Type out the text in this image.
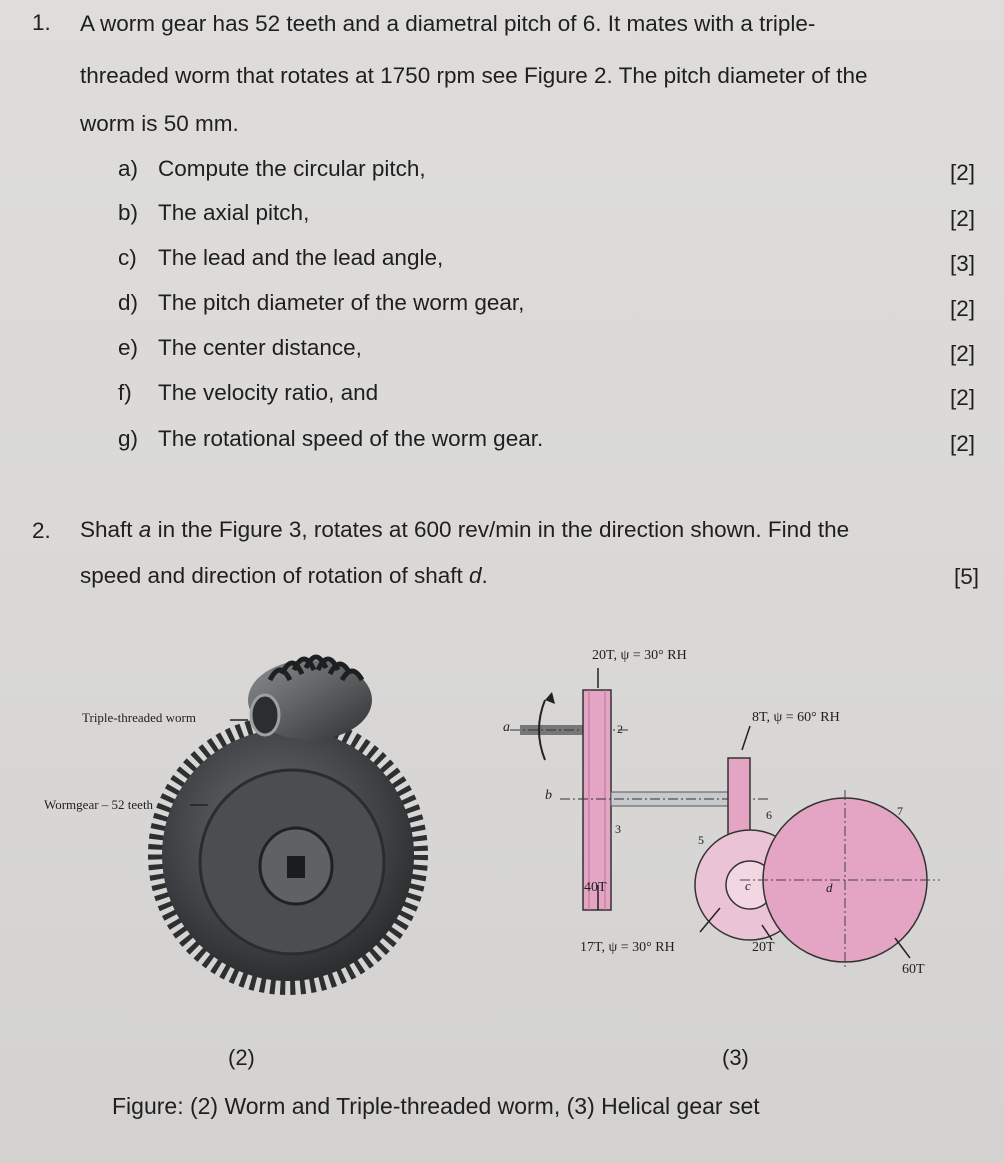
1. A worm gear has 52 teeth and a diametral pitch of 6. It mates with a triple-
threaded worm that rotates at 1750 rpm see Figure 2. The pitch diameter of the
worm is 50 mm.
a) Compute the circular pitch,	[2]
b) The axial pitch,	[2]
c) The lead and the lead angle,	[3]
d) The pitch diameter of the worm gear,	[2]
e) The center distance,	[2]
f) The velocity ratio, and	[2]
g) The rotational speed of the worm gear.	[2]
2. Shaft a in the Figure 3, rotates at 600 rev/min in the direction shown. Find the
speed and direction of rotation of shaft d.	[5]
Triple-threaded worm
Wormgear – 52 teeth
20T, ψ = 30° RH
8T, ψ = 60° RH
40T
17T, ψ = 30° RH	20T
60T
a
b
c	d
2
3
5
6	7
(2)	(3)
Figure: (2) Worm and Triple-threaded worm, (3) Helical gear set
